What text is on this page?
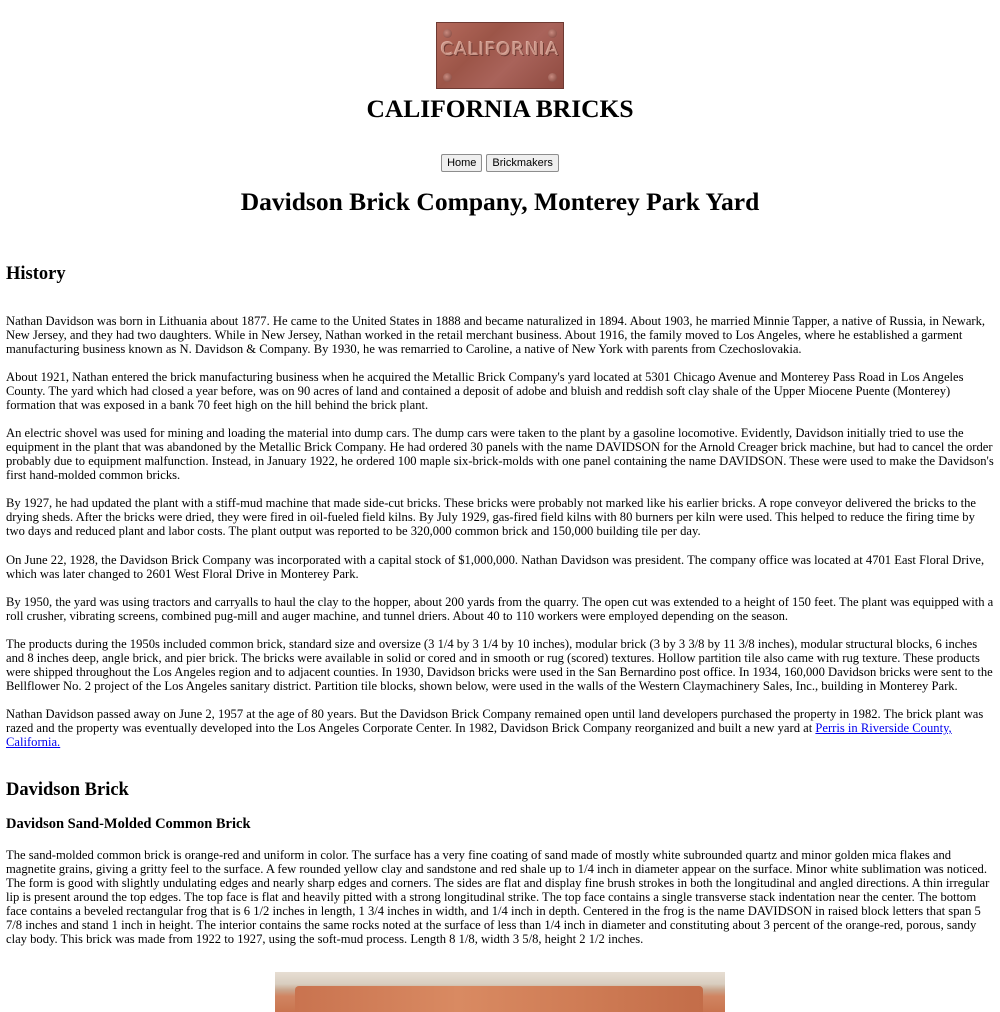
CALIFORNIA
CALIFORNIA BRICKS
Home Brickmakers
Davidson Brick Company, Monterey Park Yard
History

Nathan Davidson was born in Lithuania about 1877. He came to the United States in 1888 and became naturalized in 1894. About 1903, he married Minnie Tapper, a native of Russia, in Newark, New Jersey, and they had two daughters. While in New Jersey, Nathan worked in the retail merchant business. About 1916, the family moved to Los Angeles, where he established a garment manufacturing business known as N. Davidson & Company. By 1930, he was remarried to Caroline, a native of New York with parents from Czechoslovakia.

About 1921, Nathan entered the brick manufacturing business when he acquired the Metallic Brick Company's yard located at 5301 Chicago Avenue and Monterey Pass Road in Los Angeles County. The yard which had closed a year before, was on 90 acres of land and contained a deposit of adobe and bluish and reddish soft clay shale of the Upper Miocene Puente (Monterey) formation that was exposed in a bank 70 feet high on the hill behind the brick plant.

An electric shovel was used for mining and loading the material into dump cars. The dump cars were taken to the plant by a gasoline locomotive. Evidently, Davidson initially tried to use the equipment in the plant that was abandoned by the Metallic Brick Company. He had ordered 30 panels with the name DAVIDSON for the Arnold Creager brick machine, but had to cancel the order probably due to equipment malfunction. Instead, in January 1922, he ordered 100 maple six-brick-molds with one panel containing the name DAVIDSON. These were used to make the Davidson's first hand-molded common bricks.

By 1927, he had updated the plant with a stiff-mud machine that made side-cut bricks. These bricks were probably not marked like his earlier bricks. A rope conveyor delivered the bricks to the drying sheds. After the bricks were dried, they were fired in oil-fueled field kilns. By July 1929, gas-fired field kilns with 80 burners per kiln were used. This helped to reduce the firing time by two days and reduced plant and labor costs. The plant output was reported to be 320,000 common brick and 150,000 building tile per day.

On June 22, 1928, the Davidson Brick Company was incorporated with a capital stock of $1,000,000. Nathan Davidson was president. The company office was located at 4701 East Floral Drive, which was later changed to 2601 West Floral Drive in Monterey Park.

By 1950, the yard was using tractors and carryalls to haul the clay to the hopper, about 200 yards from the quarry. The open cut was extended to a height of 150 feet. The plant was equipped with a roll crusher, vibrating screens, combined pug-mill and auger machine, and tunnel driers. About 40 to 110 workers were employed depending on the season.

The products during the 1950s included common brick, standard size and oversize (3 1/4 by 3 1/4 by 10 inches), modular brick (3 by 3 3/8 by 11 3/8 inches), modular structural blocks, 6 inches and 8 inches deep, angle brick, and pier brick. The bricks were available in solid or cored and in smooth or rug (scored) textures. Hollow partition tile also came with rug texture. These products were shipped throughout the Los Angeles region and to adjacent counties. In 1930, Davidson bricks were used in the San Bernardino post office. In 1934, 160,000 Davidson bricks were sent to the Bellflower No. 2 project of the Los Angeles sanitary district. Partition tile blocks, shown below, were used in the walls of the Western Claymachinery Sales, Inc., building in Monterey Park.

Nathan Davidson passed away on June 2, 1957 at the age of 80 years. But the Davidson Brick Company remained open until land developers purchased the property in 1982. The brick plant was razed and the property was eventually developed into the Los Angeles Corporate Center. In 1982, Davidson Brick Company reorganized and built a new yard at Perris in Riverside County, California.

Davidson Brick
Davidson Sand-Molded Common Brick

The sand-molded common brick is orange-red and uniform in color. The surface has a very fine coating of sand made of mostly white subrounded quartz and minor golden mica flakes and magnetite grains, giving a gritty feel to the surface. A few rounded yellow clay and sandstone and red shale up to 1/4 inch in diameter appear on the surface. Minor white sublimation was noticed. The form is good with slightly undulating edges and nearly sharp edges and corners. The sides are flat and display fine brush strokes in both the longitudinal and angled directions. A thin irregular lip is present around the top edges. The top face is flat and heavily pitted with a strong longitudinal strike. The top face contains a single transverse stack indentation near the center. The bottom face contains a beveled rectangular frog that is 6 1/2 inches in length, 1 3/4 inches in width, and 1/4 inch in depth. Centered in the frog is the name DAVIDSON in raised block letters that span 5 7/8 inches and stand 1 inch in height. The interior contains the same rocks noted at the surface of less than 1/4 inch in diameter and constituting about 3 percent of the orange-red, porous, sandy clay body. This brick was made from 1922 to 1927, using the soft-mud process. Length 8 1/8, width 3 5/8, height 2 1/2 inches.
